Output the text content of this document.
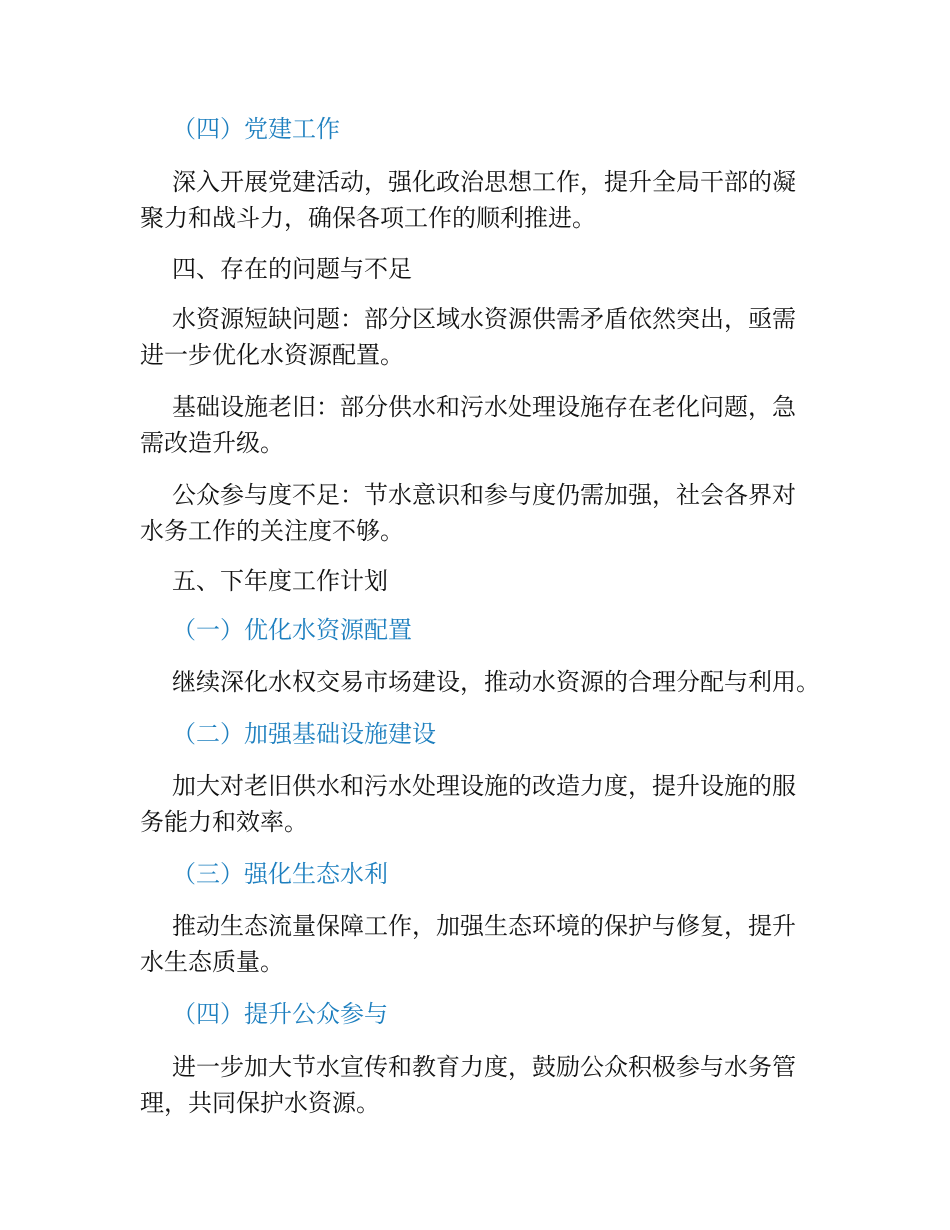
（四）党建工作

深入开展党建活动，强化政治思想工作，提升全局干部的凝

聚力和战斗力，确保各项工作的顺利推进。

四、存在的问题与不足

水资源短缺问题：部分区域水资源供需矛盾依然突出，亟需

进一步优化水资源配置。

基础设施老旧：部分供水和污水处理设施存在老化问题，急

需改造升级。

公众参与度不足：节水意识和参与度仍需加强，社会各界对

水务工作的关注度不够。

五、下年度工作计划

（一）优化水资源配置

继续深化水权交易市场建设，推动水资源的合理分配与利用。

（二）加强基础设施建设

加大对老旧供水和污水处理设施的改造力度，提升设施的服

务能力和效率。

（三）强化生态水利

推动生态流量保障工作，加强生态环境的保护与修复，提升

水生态质量。

（四）提升公众参与

进一步加大节水宣传和教育力度，鼓励公众积极参与水务管

理，共同保护水资源。
